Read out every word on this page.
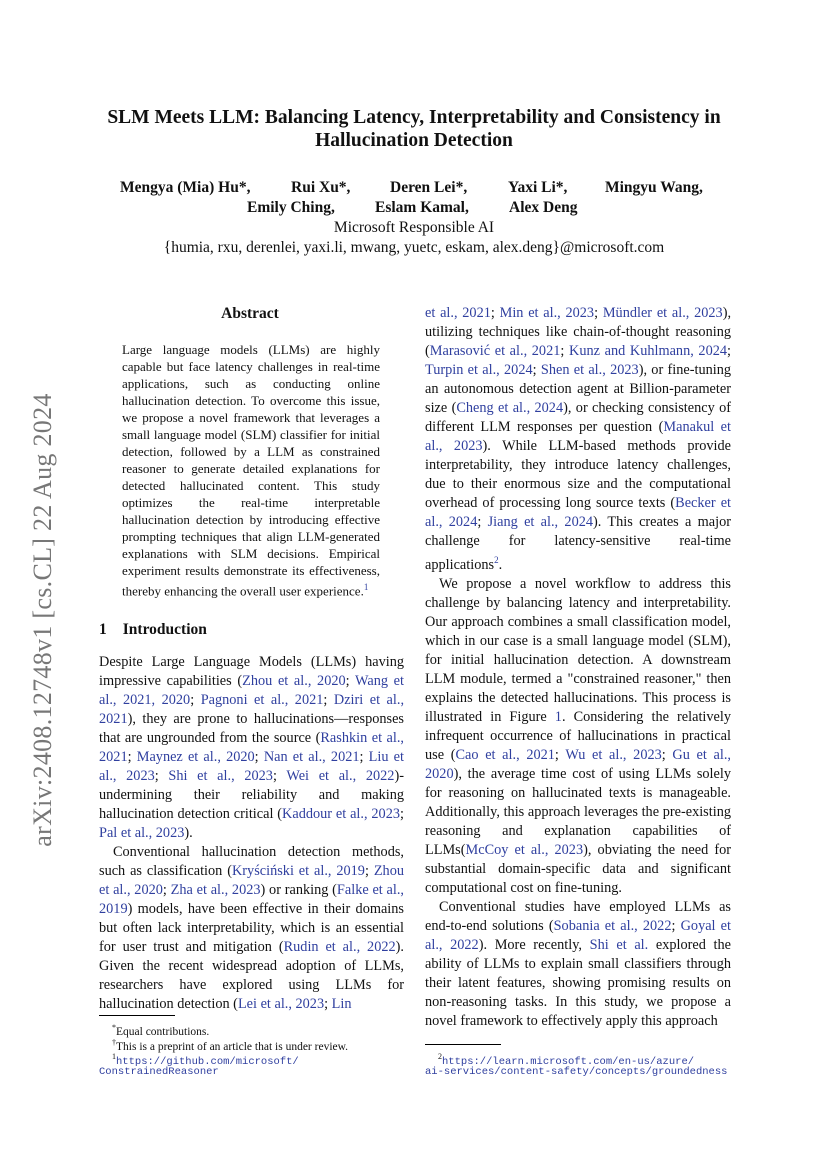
arXiv:2408.12748v1 [cs.CL] 22 Aug 2024
SLM Meets LLM: Balancing Latency, Interpretability and Consistency in
Hallucination Detection
Mengya (Mia) Hu*,	Rui Xu*,	Deren Lei*,	Yaxi Li*, Mingyu Wang,
Emily Ching,	Eslam Kamal,	Alex Deng
Microsoft Responsible AI
{humia, rxu, derenlei, yaxi.li, mwang, yuetc, eskam, alex.deng}@microsoft.com
Abstract
Large language models (LLMs) are highly capable but face latency challenges in real-time applications, such as conducting online hallucination detection. To overcome this issue, we propose a novel framework that leverages a small language model (SLM) classifier for initial detection, followed by a LLM as constrained reasoner to generate detailed explanations for detected hallucinated content. This study optimizes the real-time interpretable hallucination detection by introducing effective prompting techniques that align LLM-generated explanations with SLM decisions. Empirical experiment results demonstrate its effectiveness, thereby enhancing the overall user experience.$^1$
1 Introduction

Despite Large Language Models (LLMs) having impressive capabilities (Zhou et al., 2020; Wang et al., 2021, 2020; Pagnoni et al., 2021; Dziri et al., 2021), they are prone to hallucinations—responses that are ungrounded from the source (Rashkin et al., 2021; Maynez et al., 2020; Nan et al., 2021; Liu et al., 2023; Shi et al., 2023; Wei et al., 2022)-undermining their reliability and making hallucination detection critical (Kaddour et al., 2023; Pal et al., 2023).

Conventional hallucination detection methods, such as classification (Kryściński et al., 2019; Zhou et al., 2020; Zha et al., 2023) or ranking (Falke et al., 2019) models, have been effective in their domains but often lack interpretability, which is an essential for user trust and mitigation (Rudin et al., 2022). Given the recent widespread adoption of LLMs, researchers have explored using LLMs for hallucination detection (Lei et al., 2023; Lin

et al., 2021; Min et al., 2023; Mündler et al., 2023), utilizing techniques like chain-of-thought reasoning (Marasović et al., 2021; Kunz and Kuhlmann, 2024; Turpin et al., 2024; Shen et al., 2023), or fine-tuning an autonomous detection agent at Billion-parameter size (Cheng et al., 2024), or checking consistency of different LLM responses per question (Manakul et al., 2023). While LLM-based methods provide interpretability, they introduce latency challenges, due to their enormous size and the computational overhead of processing long source texts (Becker et al., 2024; Jiang et al., 2024). This creates a major challenge for latency-sensitive real-time applications$^2$.

We propose a novel workflow to address this challenge by balancing latency and interpretability. Our approach combines a small classification model, which in our case is a small language model (SLM), for initial hallucination detection. A downstream LLM module, termed a "constrained reasoner," then explains the detected hallucinations. This process is illustrated in Figure 1. Considering the relatively infrequent occurrence of hallucinations in practical use (Cao et al., 2021; Wu et al., 2023; Gu et al., 2020), the average time cost of using LLMs solely for reasoning on hallucinated texts is manageable. Additionally, this approach leverages the pre-existing reasoning and explanation capabilities of LLMs(McCoy et al., 2023), obviating the need for substantial domain-specific data and significant computational cost on fine-tuning.

Conventional studies have employed LLMs as end-to-end solutions (Sobania et al., 2022; Goyal et al., 2022). More recently, Shi et al. explored the ability of LLMs to explain small classifiers through their latent features, showing promising results on non-reasoning tasks. In this study, we propose a novel framework to effectively apply this approach

*Equal contributions.
†This is a preprint of an article that is under review.
$^1$https://github.com/microsoft/
ConstrainedReasoner
$^2$https://learn.microsoft.com/en-us/azure/
ai-services/content-safety/concepts/groundedness
